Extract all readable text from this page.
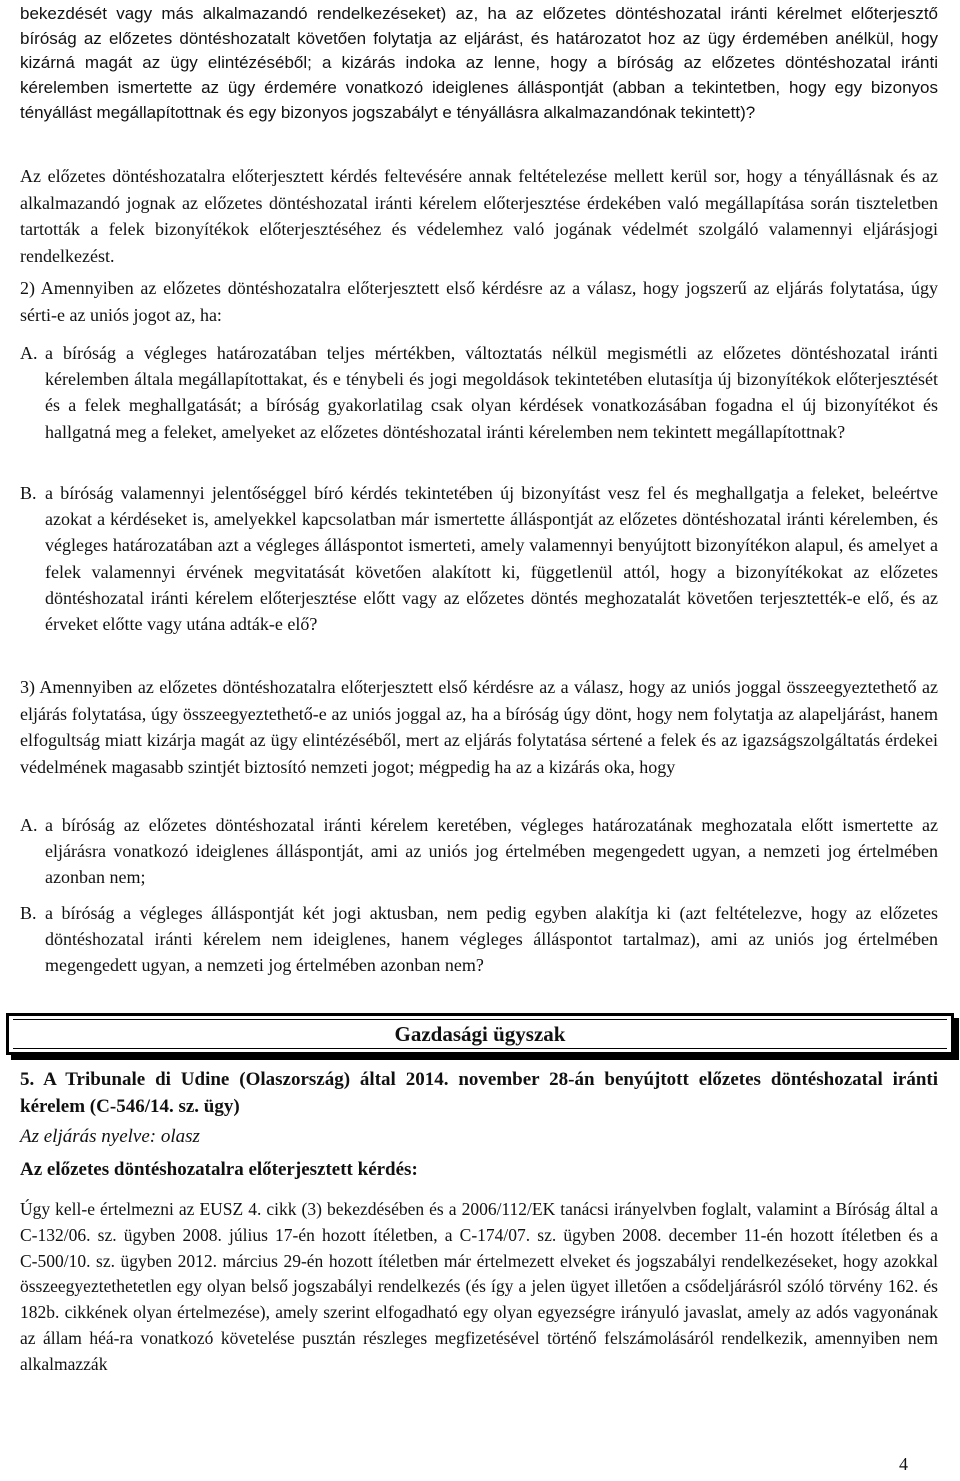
bekezdését vagy más alkalmazandó rendelkezéseket) az, ha az előzetes döntéshozatal iránti kérelmet előterjesztő bíróság az előzetes döntéshozatalt követően folytatja az eljárást, és határozatot hoz az ügy érdemében anélkül, hogy kizárná magát az ügy elintézéséből; a kizárás indoka az lenne, hogy a bíróság az előzetes döntéshozatal iránti kérelemben ismertette az ügy érdemére vonatkozó ideiglenes álláspontját (abban a tekintetben, hogy egy bizonyos tényállást megállapítottnak és egy bizonyos jogszabályt e tényállásra alkalmazandónak tekintett)?

Az előzetes döntéshozatalra előterjesztett kérdés feltevésére annak feltételezése mellett kerül sor, hogy a tényállásnak és az alkalmazandó jognak az előzetes döntéshozatal iránti kérelem előterjesztése érdekében való megállapítása során tiszteletben tartották a felek bizonyítékok előterjesztéséhez és védelemhez való jogának védelmét szolgáló valamennyi eljárásjogi rendelkezést.

2) Amennyiben az előzetes döntéshozatalra előterjesztett első kérdésre az a válasz, hogy jogszerű az eljárás folytatása, úgy sérti-e az uniós jogot az, ha:

A. a bíróság a végleges határozatában teljes mértékben, változtatás nélkül megismétli az előzetes döntéshozatal iránti kérelemben általa megállapítottakat, és e ténybeli és jogi megoldások tekintetében elutasítja új bizonyítékok előterjesztését és a felek meghallgatását; a bíróság gyakorlatilag csak olyan kérdések vonatkozásában fogadna el új bizonyítékot és hallgatná meg a feleket, amelyeket az előzetes döntéshozatal iránti kérelemben nem tekintett megállapítottnak?
B. a bíróság valamennyi jelentőséggel bíró kérdés tekintetében új bizonyítást vesz fel és meghallgatja a feleket, beleértve azokat a kérdéseket is, amelyekkel kapcsolatban már ismertette álláspontját az előzetes döntéshozatal iránti kérelemben, és végleges határozatában azt a végleges álláspontot ismerteti, amely valamennyi benyújtott bizonyítékon alapul, és amelyet a felek valamennyi érvének megvitatását követően alakított ki, függetlenül attól, hogy a bizonyítékokat az előzetes döntéshozatal iránti kérelem előterjesztése előtt vagy az előzetes döntés meghozatalát követően terjesztették-e elő, és az érveket előtte vagy utána adták-e elő?

3) Amennyiben az előzetes döntéshozatalra előterjesztett első kérdésre az a válasz, hogy az uniós joggal összeegyeztethető az eljárás folytatása, úgy összeegyeztethető-e az uniós joggal az, ha a bíróság úgy dönt, hogy nem folytatja az alapeljárást, hanem elfogultság miatt kizárja magát az ügy elintézéséből, mert az eljárás folytatása sértené a felek és az igazságszolgáltatás érdekei védelmének magasabb szintjét biztosító nemzeti jogot; mégpedig ha az a kizárás oka, hogy

A. a bíróság az előzetes döntéshozatal iránti kérelem keretében, végleges határozatának meghozatala előtt ismertette az eljárásra vonatkozó ideiglenes álláspontját, ami az uniós jog értelmében megengedett ugyan, a nemzeti jog értelmében azonban nem;
B. a bíróság a végleges álláspontját két jogi aktusban, nem pedig egyben alakítja ki (azt feltételezve, hogy az előzetes döntéshozatal iránti kérelem nem ideiglenes, hanem végleges álláspontot tartalmaz), ami az uniós jog értelmében megengedett ugyan, a nemzeti jog értelmében azonban nem?
Gazdasági ügyszak
5. A Tribunale di Udine (Olaszország) által 2014. november 28-án benyújtott előzetes döntéshozatal iránti kérelem (C-546/14. sz. ügy)
Az eljárás nyelve: olasz
Az előzetes döntéshozatalra előterjesztett kérdés:

Úgy kell-e értelmezni az EUSZ 4. cikk (3) bekezdésében és a 2006/112/EK tanácsi irányelvben foglalt, valamint a Bíróság által a C‑132/06. sz. ügyben 2008. július 17-én hozott ítéletben, a C-174/07. sz. ügyben 2008. december 11-én hozott ítéletben és a C‑500/10. sz. ügyben 2012. március 29-én hozott ítéletben már értelmezett elveket és jogszabályi rendelkezéseket, hogy azokkal összeegyeztethetetlen egy olyan belső jogszabályi rendelkezés (és így a jelen ügyet illetően a csődeljárásról szóló törvény 162. és 182b. cikkének olyan értelmezése), amely szerint elfogadható egy olyan egyezségre irányuló javaslat, amely az adós vagyonának az állam héá-ra vonatkozó követelése pusztán részleges megfizetésével történő felszámolásáról rendelkezik, amennyiben nem alkalmazzák

4
